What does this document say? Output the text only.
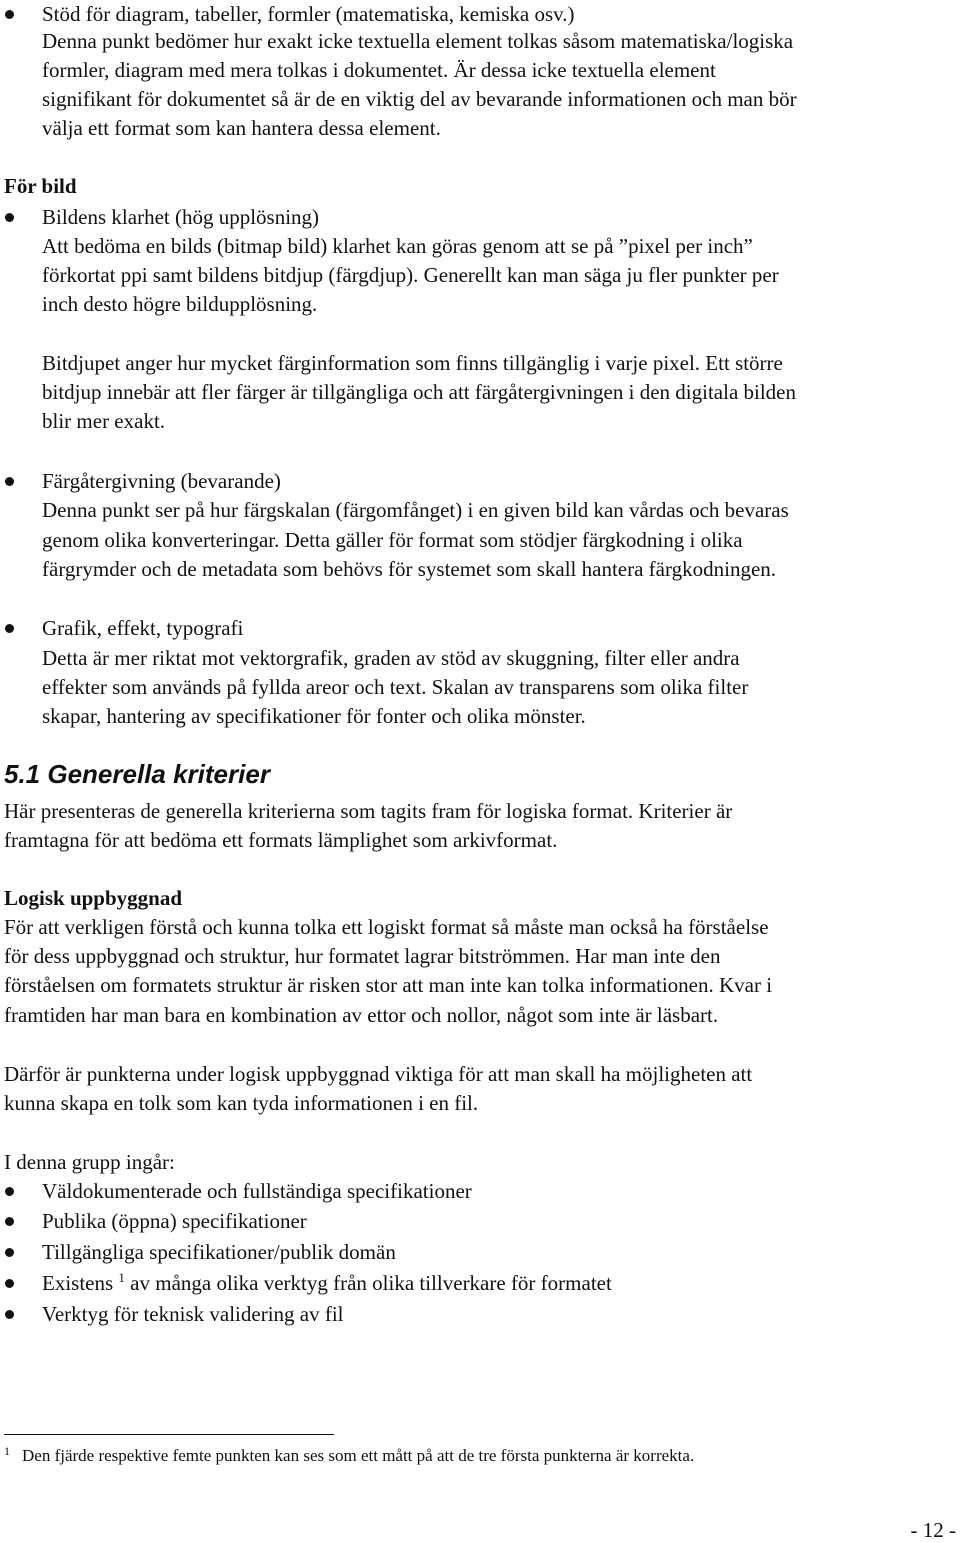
Stöd för diagram, tabeller, formler (matematiska, kemiska osv.)
Denna punkt bedömer hur exakt icke textuella element tolkas såsom matematiska/logiska
formler, diagram med mera tolkas i dokumentet. Är dessa icke textuella element
signifikant för dokumentet så är de en viktig del av bevarande informationen och man bör
välja ett format som kan hantera dessa element.
För bild
Bildens klarhet (hög upplösning)
Att bedöma en bilds (bitmap bild) klarhet kan göras genom att se på ”pixel per inch”
förkortat ppi samt bildens bitdjup (färgdjup). Generellt kan man säga ju fler punkter per
inch desto högre bildupplösning.
Bitdjupet anger hur mycket färginformation som finns tillgänglig i varje pixel. Ett större
bitdjup innebär att fler färger är tillgängliga och att färgåtergivningen i den digitala bilden
blir mer exakt.
Färgåtergivning (bevarande)
Denna punkt ser på hur färgskalan (färgomfånget) i en given bild kan vårdas och bevaras
genom olika konverteringar. Detta gäller för format som stödjer färgkodning i olika
färgrymder och de metadata som behövs för systemet som skall hantera färgkodningen.
Grafik, effekt, typografi
Detta är mer riktat mot vektorgrafik, graden av stöd av skuggning, filter eller andra
effekter som används på fyllda areor och text. Skalan av transparens som olika filter
skapar, hantering av specifikationer för fonter och olika mönster.
5.1 Generella kriterier
Här presenteras de generella kriterierna som tagits fram för logiska format. Kriterier är
framtagna för att bedöma ett formats lämplighet som arkivformat.
Logisk uppbyggnad
För att verkligen förstå och kunna tolka ett logiskt format så måste man också ha förståelse
för dess uppbyggnad och struktur, hur formatet lagrar bitströmmen. Har man inte den
förståelsen om formatets struktur är risken stor att man inte kan tolka informationen. Kvar i
framtiden har man bara en kombination av ettor och nollor, något som inte är läsbart.
Därför är punkterna under logisk uppbyggnad viktiga för att man skall ha möjligheten att
kunna skapa en tolk som kan tyda informationen i en fil.
I denna grupp ingår:
Väldokumenterade och fullständiga specifikationer
Publika (öppna) specifikationer
Tillgängliga specifikationer/publik domän
Existens $^1$ av många olika verktyg från olika tillverkare för formatet
Verktyg för teknisk validering av fil
$^1$ Den fjärde respektive femte punkten kan ses som ett mått på att de tre första punkterna är korrekta.
- 12 -
